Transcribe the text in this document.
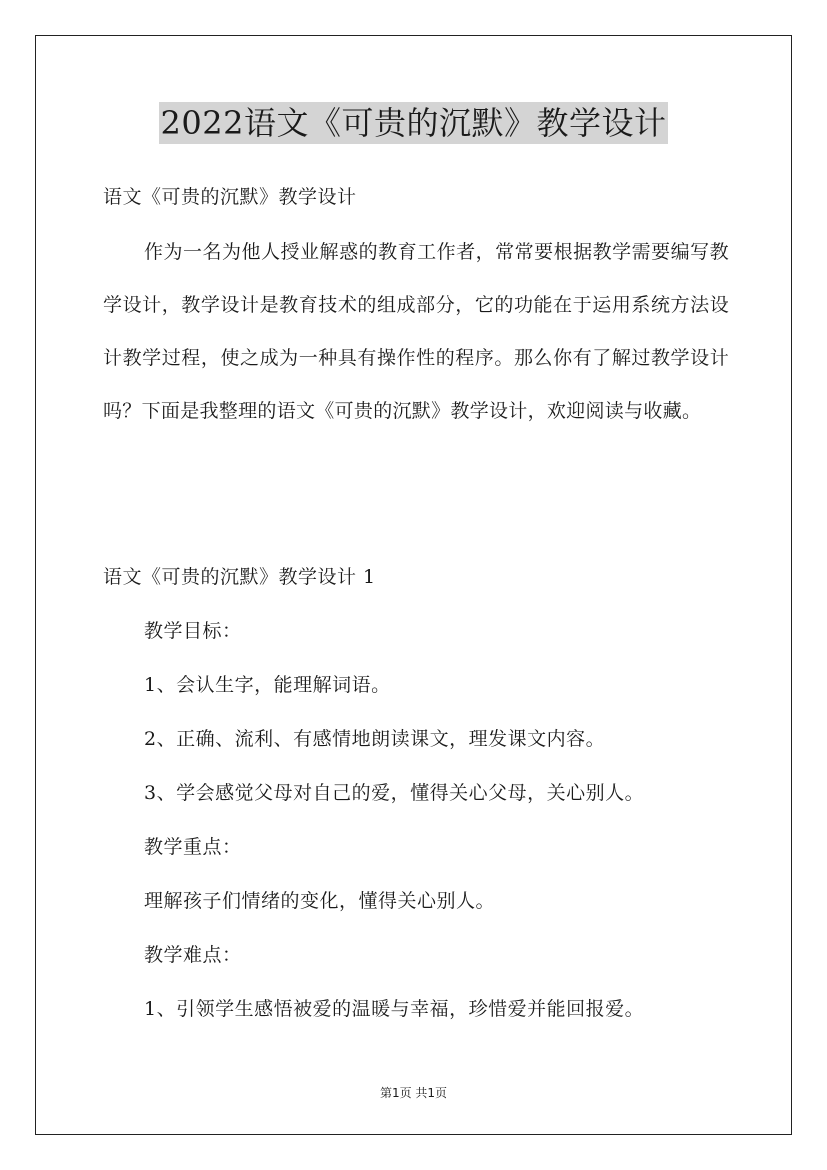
2022语文《可贵的沉默》教学设计
语文《可贵的沉默》教学设计
作为一名为他人授业解惑的教育工作者，常常要根据教学需要编写教学设计，教学设计是教育技术的组成部分，它的功能在于运用系统方法设计教学过程，使之成为一种具有操作性的程序。那么你有了解过教学设计吗？下面是我整理的语文《可贵的沉默》教学设计，欢迎阅读与收藏。
语文《可贵的沉默》教学设计 1
教学目标：
1、会认生字，能理解词语。
2、正确、流利、有感情地朗读课文，理发课文内容。
3、学会感觉父母对自己的爱，懂得关心父母，关心别人。
教学重点：
理解孩子们情绪的变化，懂得关心别人。
教学难点：
1、引领学生感悟被爱的温暖与幸福，珍惜爱并能回报爱。
第1页 共1页
